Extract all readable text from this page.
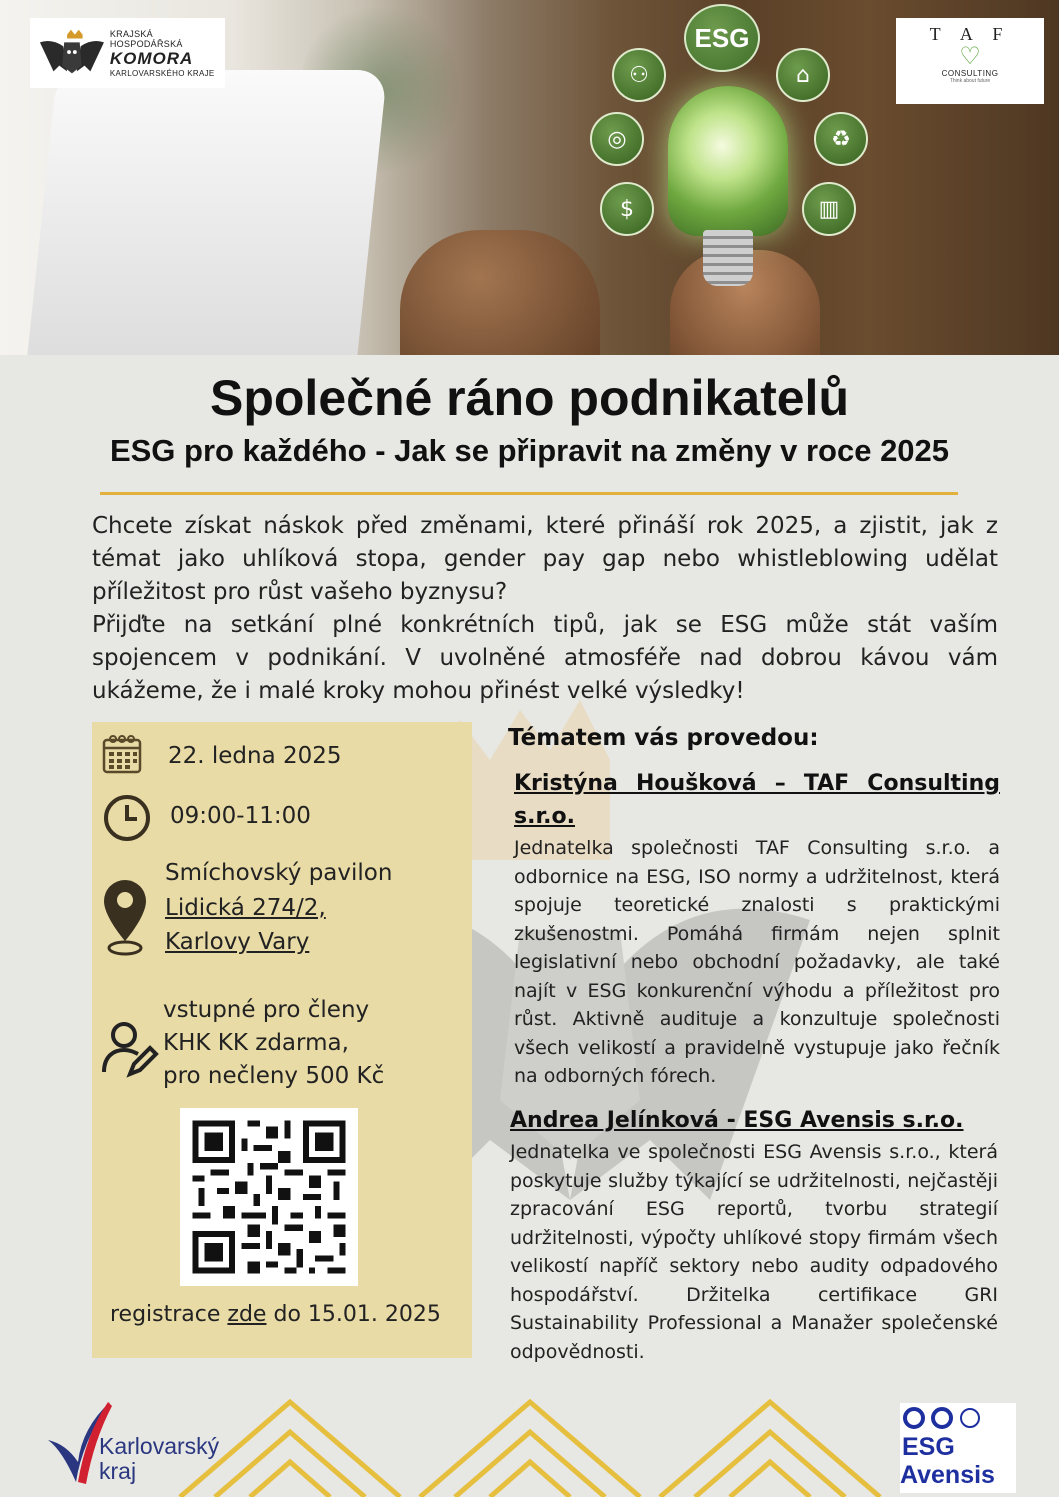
ESG
⚇	⌂
◎	♻
$	▥
KRAJSKÁ HOSPODÁŘSKÁ
KOMORA
KARLOVARSKÉHO KRAJE
T A F
♡
CONSULTING
Think about future
Společné ráno podnikatelů
ESG pro každého - Jak se připravit na změny v roce 2025

Chcete získat náskok před změnami, které přináší rok 2025, a zjistit, jak z témat jako uhlíková stopa, gender pay gap nebo whistleblowing udělat příležitost pro růst vašeho byznysu?

Přijďte na setkání plné konkrétních tipů, jak se ESG může stát vaším spojencem v podnikání. V uvolněné atmosféře nad dobrou kávou vám ukážeme, že i malé kroky mohou přinést velké výsledky!

22. ledna 2025
09:00-11:00
Smíchovský pavilon
Lidická 274/2,
Karlovy Vary
vstupné pro členy
KHK KK zdarma,
pro nečleny 500 Kč
registrace zde do 15.01. 2025
Tématem vás provedou:
Kristýna Houšková – TAF Consulting
s.r.o.

Jednatelka společnosti TAF Consulting s.r.o. a odbornice na ESG, ISO normy a udržitelnost, která spojuje teoretické znalosti s praktickými zkušenostmi. Pomáhá firmám nejen splnit legislativní nebo obchodní požadavky, ale také najít v ESG konkurenční výhodu a příležitost pro růst. Aktivně audituje a konzultuje společnosti všech velikostí a pravidelně vystupuje jako řečník na odborných fórech.

Andrea Jelínková - ESG Avensis s.r.o.

Jednatelka ve společnosti ESG Avensis s.r.o., která poskytuje služby týkající se udržitelnosti, nejčastěji zpracování ESG reportů, tvorbu strategií udržitelnosti, výpočty uhlíkové stopy firmám všech velikostí napříč sektory nebo audity odpadového hospodářství. Držitelka certifikace GRI Sustainability Professional a Manažer společenské odpovědnosti.

Karlovarský
kraj
ESG
Avensis
